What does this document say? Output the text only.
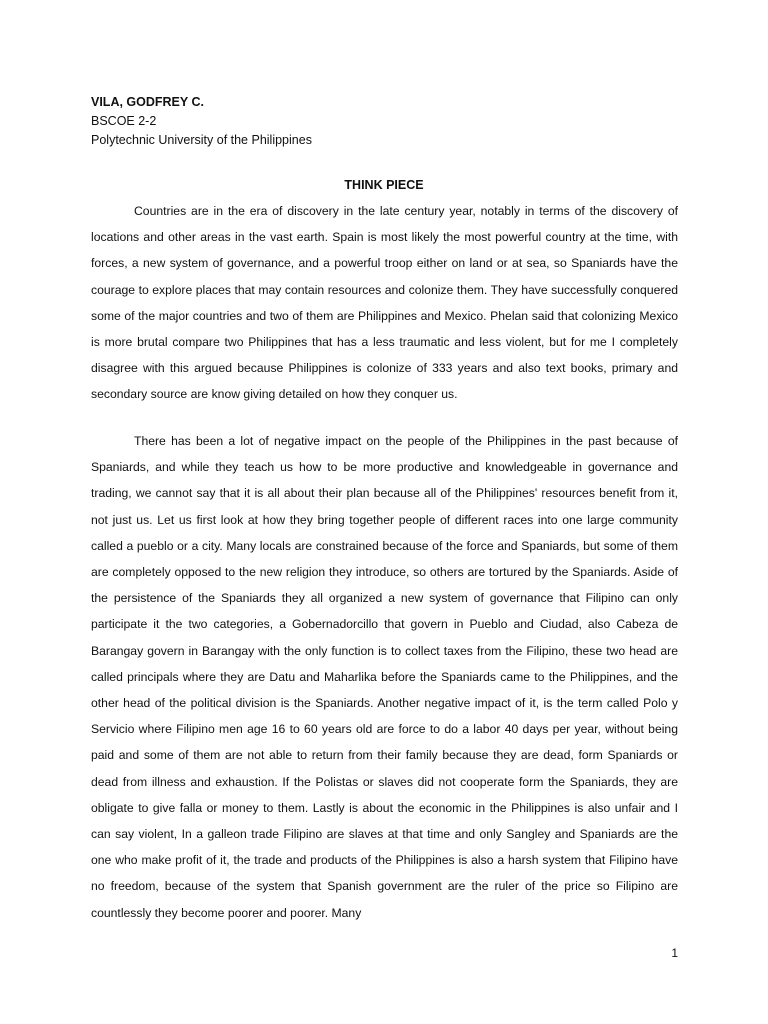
VILA, GODFREY C.
BSCOE 2-2
Polytechnic University of the Philippines
THINK PIECE

Countries are in the era of discovery in the late century year, notably in terms of the discovery of locations and other areas in the vast earth. Spain is most likely the most powerful country at the time, with forces, a new system of governance, and a powerful troop either on land or at sea, so Spaniards have the courage to explore places that may contain resources and colonize them. They have successfully conquered some of the major countries and two of them are Philippines and Mexico. Phelan said that colonizing Mexico is more brutal compare two Philippines that has a less traumatic and less violent, but for me I completely disagree with this argued because Philippines is colonize of 333 years and also text books, primary and secondary source are know giving detailed on how they conquer us.

There has been a lot of negative impact on the people of the Philippines in the past because of Spaniards, and while they teach us how to be more productive and knowledgeable in governance and trading, we cannot say that it is all about their plan because all of the Philippines' resources benefit from it, not just us. Let us first look at how they bring together people of different races into one large community called a pueblo or a city. Many locals are constrained because of the force and Spaniards, but some of them are completely opposed to the new religion they introduce, so others are tortured by the Spaniards. Aside of the persistence of the Spaniards they all organized a new system of governance that Filipino can only participate it the two categories, a Gobernadorcillo that govern in Pueblo and Ciudad, also Cabeza de Barangay govern in Barangay with the only function is to collect taxes from the Filipino, these two head are called principals where they are Datu and Maharlika before the Spaniards came to the Philippines, and the other head of the political division is the Spaniards. Another negative impact of it, is the term called Polo y Servicio where Filipino men age 16 to 60 years old are force to do a labor 40 days per year, without being paid and some of them are not able to return from their family because they are dead, form Spaniards or dead from illness and exhaustion. If the Polistas or slaves did not cooperate form the Spaniards, they are obligate to give falla or money to them. Lastly is about the economic in the Philippines is also unfair and I can say violent, In a galleon trade Filipino are slaves at that time and only Sangley and Spaniards are the one who make profit of it, the trade and products of the Philippines is also a harsh system that Filipino have no freedom, because of the system that Spanish government are the ruler of the price so Filipino are countlessly they become poorer and poorer. Many

1
